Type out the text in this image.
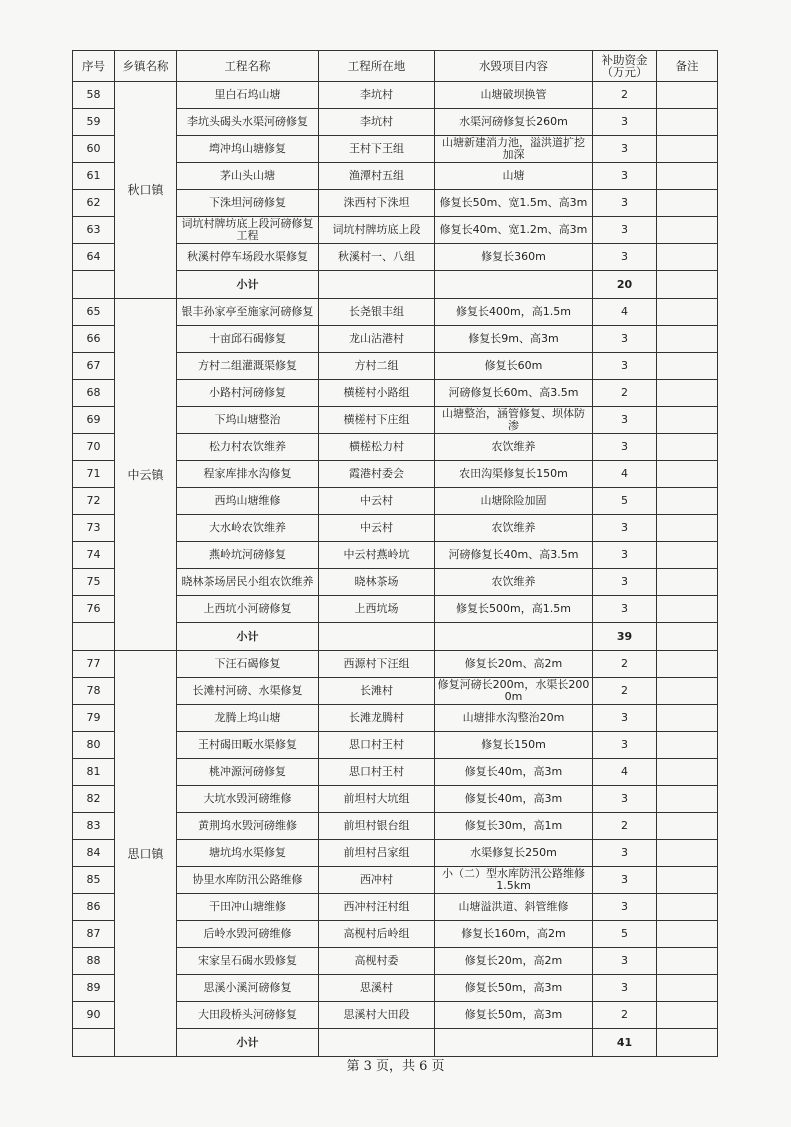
序号	乡镇名称	工程名称	工程所在地	水毁项目内容	补助资金（万元）	备注
58	秋口镇	里白石坞山塘	李坑村	山塘破坝换管	2	
59		李坑头碣头水渠河磅修复	李坑村	水渠河磅修复长260m	3	
60		塆冲坞山塘修复	王村下王组	山塘新建消力池，溢洪道扩挖加深	3	
61		茅山头山塘	渔潭村五组	山塘	3	
62		下洙坦河磅修复	洙西村下洙坦	修复长50m、宽1.5m、高3m	3	
63		词坑村牌坊底上段河磅修复工程	词坑村牌坊底上段	修复长40m、宽1.2m、高3m	3	
64		秋溪村停车场段水渠修复	秋溪村一、八组	修复长360m	3	
		小计			20	
65	中云镇	银丰孙家亭至施家河磅修复	长尧银丰组	修复长400m，高1.5m	4	
66		十亩邱石碣修复	龙山沾港村	修复长9m、高3m	3	
67		方村二组灌溉渠修复	方村二组	修复长60m	3	
68		小路村河磅修复	横槎村小路组	河磅修复长60m、高3.5m	2	
69		下坞山塘整治	横槎村下庄组	山塘整治，涵管修复、坝体防渗	3	
70		松力村农饮维养	横槎松力村	农饮维养	3	
71		程家库排水沟修复	霞港村委会	农田沟渠修复长150m	4	
72		西坞山塘维修	中云村	山塘除险加固	5	
73		大水岭农饮维养	中云村	农饮维养	3	
74		燕岭坑河磅修复	中云村燕岭坑	河磅修复长40m、高3.5m	3	
75		晓林茶场居民小组农饮维养	晓林茶场	农饮维养	3	
76		上西坑小河磅修复	上西坑场	修复长500m，高1.5m	3	
		小计			39	
77	思口镇	下汪石碣修复	西源村下汪组	修复长20m、高2m	2	
78		长滩村河磅、水渠修复	长滩村	修复河磅长200m，水渠长2000m	2	
79		龙腾上坞山塘	长滩龙腾村	山塘排水沟整治20m	3	
80		王村碣田畈水渠修复	思口村王村	修复长150m	3	
81		桃冲源河磅修复	思口村王村	修复长40m，高3m	4	
82		大坑水毁河磅维修	前坦村大坑组	修复长40m，高3m	3	
83		黄荆坞水毁河磅维修	前坦村银台组	修复长30m，高1m	2	
84		塘坑坞水渠修复	前坦村吕家组	水渠修复长250m	3	
85		协里水库防汛公路维修	西冲村	小（二）型水库防汛公路维修1.5km	3	
86		干田冲山塘维修	西冲村汪村组	山塘溢洪道、斜管维修	3	
87		后岭水毁河磅维修	高枧村后岭组	修复长160m，高2m	5	
88		宋家呈石碣水毁修复	高枧村委	修复长20m，高2m	3	
89		思溪小溪河磅修复	思溪村	修复长50m，高3m	3	
90		大田段桥头河磅修复	思溪村大田段	修复长50m，高3m	2	
		小计			41	
第 3 页，共 6 页
